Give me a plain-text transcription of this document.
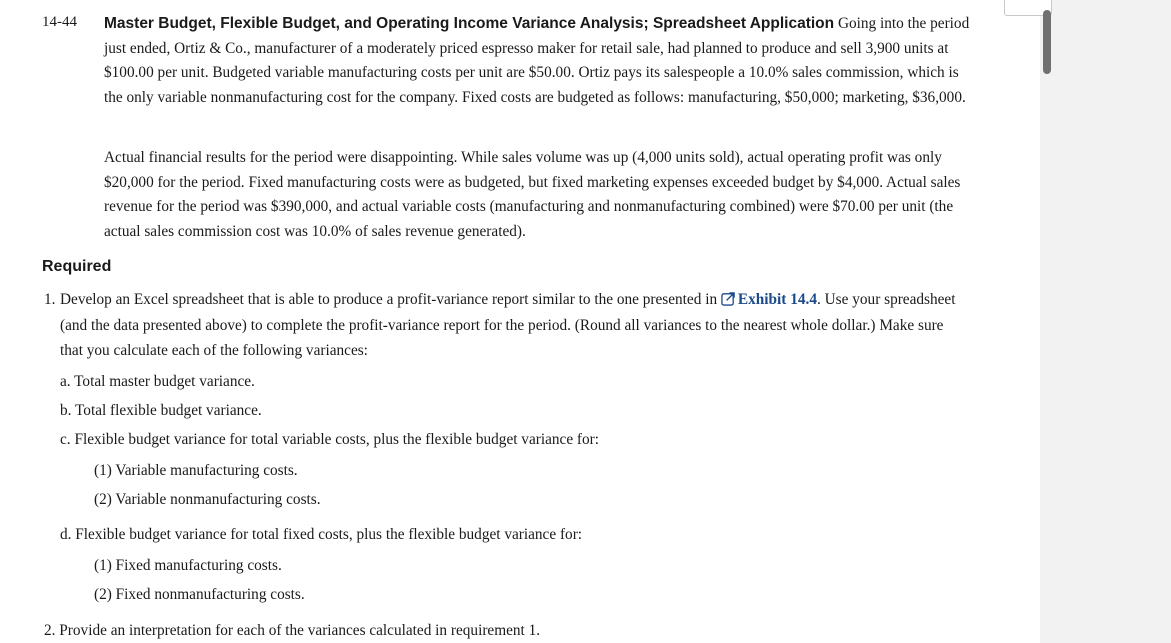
14-44 Master Budget, Flexible Budget, and Operating Income Variance Analysis; Spreadsheet Application Going into the period just ended, Ortiz & Co., manufacturer of a moderately priced espresso maker for retail sale, had planned to produce and sell 3,900 units at $100.00 per unit. Budgeted variable manufacturing costs per unit are $50.00. Ortiz pays its salespeople a 10.0% sales commission, which is the only variable nonmanufacturing cost for the company. Fixed costs are budgeted as follows: manufacturing, $50,000; marketing, $36,000.
Actual financial results for the period were disappointing. While sales volume was up (4,000 units sold), actual operating profit was only $20,000 for the period. Fixed manufacturing costs were as budgeted, but fixed marketing expenses exceeded budget by $4,000. Actual sales revenue for the period was $390,000, and actual variable costs (manufacturing and nonmanufacturing combined) were $70.00 per unit (the actual sales commission cost was 10.0% of sales revenue generated).
Required
1. Develop an Excel spreadsheet that is able to produce a profit-variance report similar to the one presented in Exhibit 14.4. Use your spreadsheet (and the data presented above) to complete the profit-variance report for the period. (Round all variances to the nearest whole dollar.) Make sure that you calculate each of the following variances:
a. Total master budget variance.
b. Total flexible budget variance.
c. Flexible budget variance for total variable costs, plus the flexible budget variance for:
(1) Variable manufacturing costs.
(2) Variable nonmanufacturing costs.
d. Flexible budget variance for total fixed costs, plus the flexible budget variance for:
(1) Fixed manufacturing costs.
(2) Fixed nonmanufacturing costs.
2. Provide an interpretation for each of the variances calculated in requirement 1.
